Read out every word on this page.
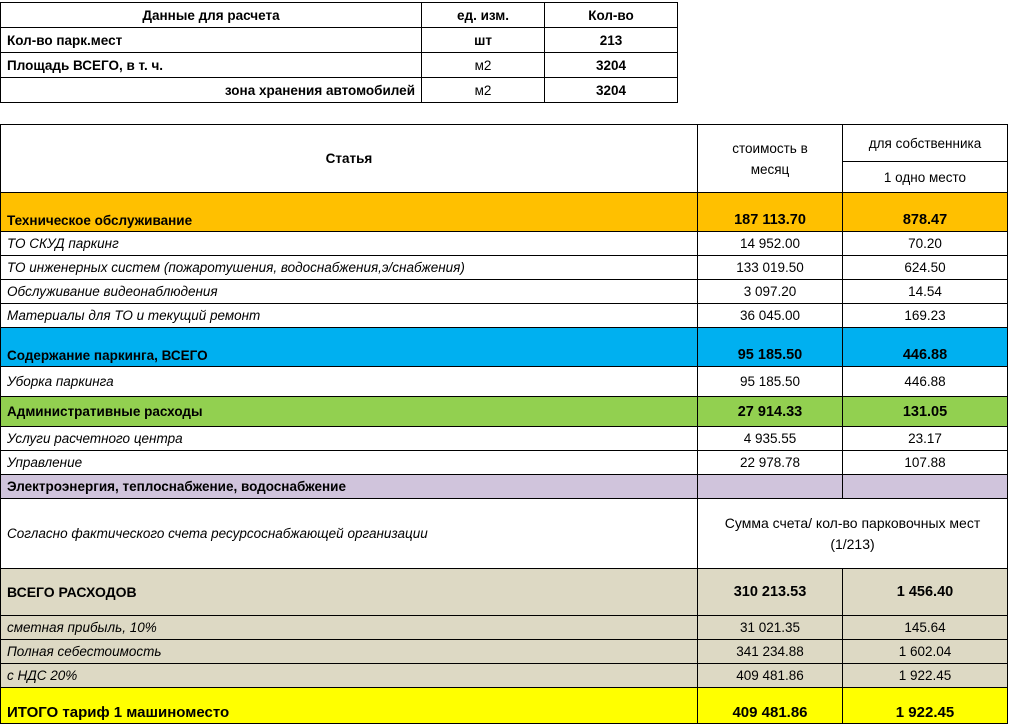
Данные для расчета	ед. изм.	Кол-во
Кол-во парк.мест	шт	213
Площадь ВСЕГО, в т. ч.	м2	3204
зона хранения автомобилей	м2	3204
Статья	стоимость в месяц	для собственника
		1 одно место
Техническое обслуживание	187 113.70	878.47
ТО СКУД паркинг	14 952.00	70.20
ТО инженерных систем (пожаротушения, водоснабжения,э/снабжения)	133 019.50	624.50
Обслуживание видеонаблюдения	3 097.20	14.54
Материалы для ТО и текущий ремонт	36 045.00	169.23
Содержание паркинга, ВСЕГО	95 185.50	446.88
Уборка паркинга	95 185.50	446.88
Административные расходы	27 914.33	131.05
Услуги расчетного центра	4 935.55	23.17
Управление	22 978.78	107.88
Электроэнергия, теплоснабжение, водоснабжение		
Согласно фактического счета ресурсоснабжающей организации	Сумма счета/ кол-во парковочных мест (1/213)	
ВСЕГО РАСХОДОВ	310 213.53	1 456.40
сметная прибыль, 10%	31 021.35	145.64
Полная себестоимость	341 234.88	1 602.04
с НДС 20%	409 481.86	1 922.45
ИТОГО тариф 1 машиноместо	409 481.86	1 922.45
